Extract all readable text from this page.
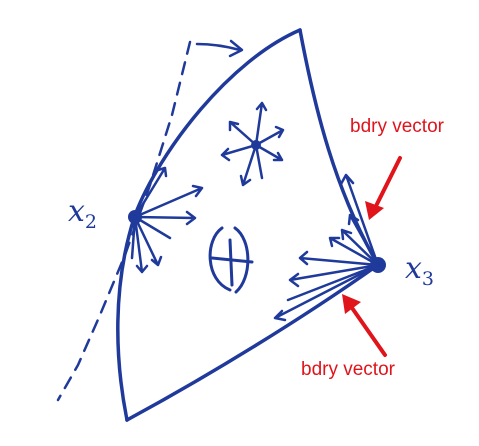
bdry vector
bdry vector
$x_2$
$x_3$
